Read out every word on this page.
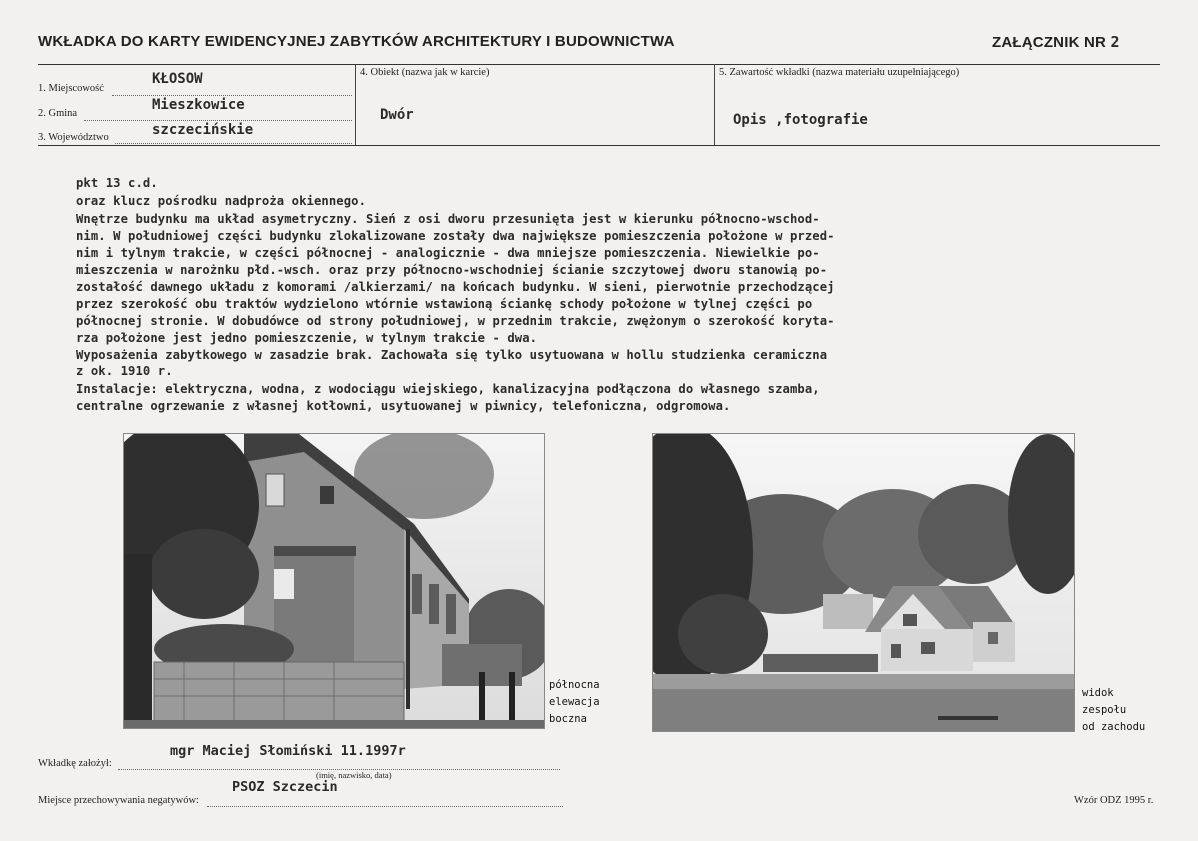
WKŁADKA DO KARTY EWIDENCYJNEJ ZABYTKÓW ARCHITEKTURY I BUDOWNICTWA	ZAŁĄCZNIK NR 2
1. Miejscowość
KŁOSOW
2. Gmina
Mieszkowice
3. Województwo	szczecińskie
4. Obiekt (nazwa jak w karcie)
Dwór
5. Zawartość wkładki (nazwa materiału uzupełniającego)
Opis ,fotografie
pkt 13 c.d.
oraz klucz pośrodku nadproża okiennego.
Wnętrze budynku ma układ asymetryczny. Sień z osi dworu przesunięta jest w kierunku północno-wschod-
nim. W południowej części budynku zlokalizowane zostały dwa największe pomieszczenia położone w przed-
nim i tylnym trakcie, w części północnej - analogicznie - dwa mniejsze pomieszczenia. Niewielkie po-
mieszczenia w narożnku płd.-wsch. oraz przy północno-wschodniej ścianie szczytowej dworu stanowią po-
zostałość dawnego układu z komorami /alkierzami/ na końcach budynku. W sieni, pierwotnie przechodzącej
przez szerokość obu traktów wydzielono wtórnie wstawioną ściankę schody położone w tylnej części po
północnej stronie. W dobudówce od strony południowej, w przednim trakcie, zwężonym o szerokość koryta-
rza położone jest jedno pomieszczenie, w tylnym trakcie - dwa.
Wyposażenia zabytkowego w zasadzie brak. Zachowała się tylko usytuowana w hollu studzienka ceramiczna
z ok. 1910 r.
Instalacje: elektryczna, wodna, z wodociągu wiejskiego, kanalizacyjna podłączona do własnego szamba,
centralne ogrzewanie z własnej kotłowni, usytuowanej w piwnicy, telefoniczna, odgromowa.
północna
elewacja
boczna
widok
zespołu
od zachodu
mgr Maciej Słomiński 11.1997r
Wkładkę założył:
(imię, nazwisko, data)
PSOZ Szczecin
Miejsce przechowywania negatywów:	Wzór ODZ 1995 r.
